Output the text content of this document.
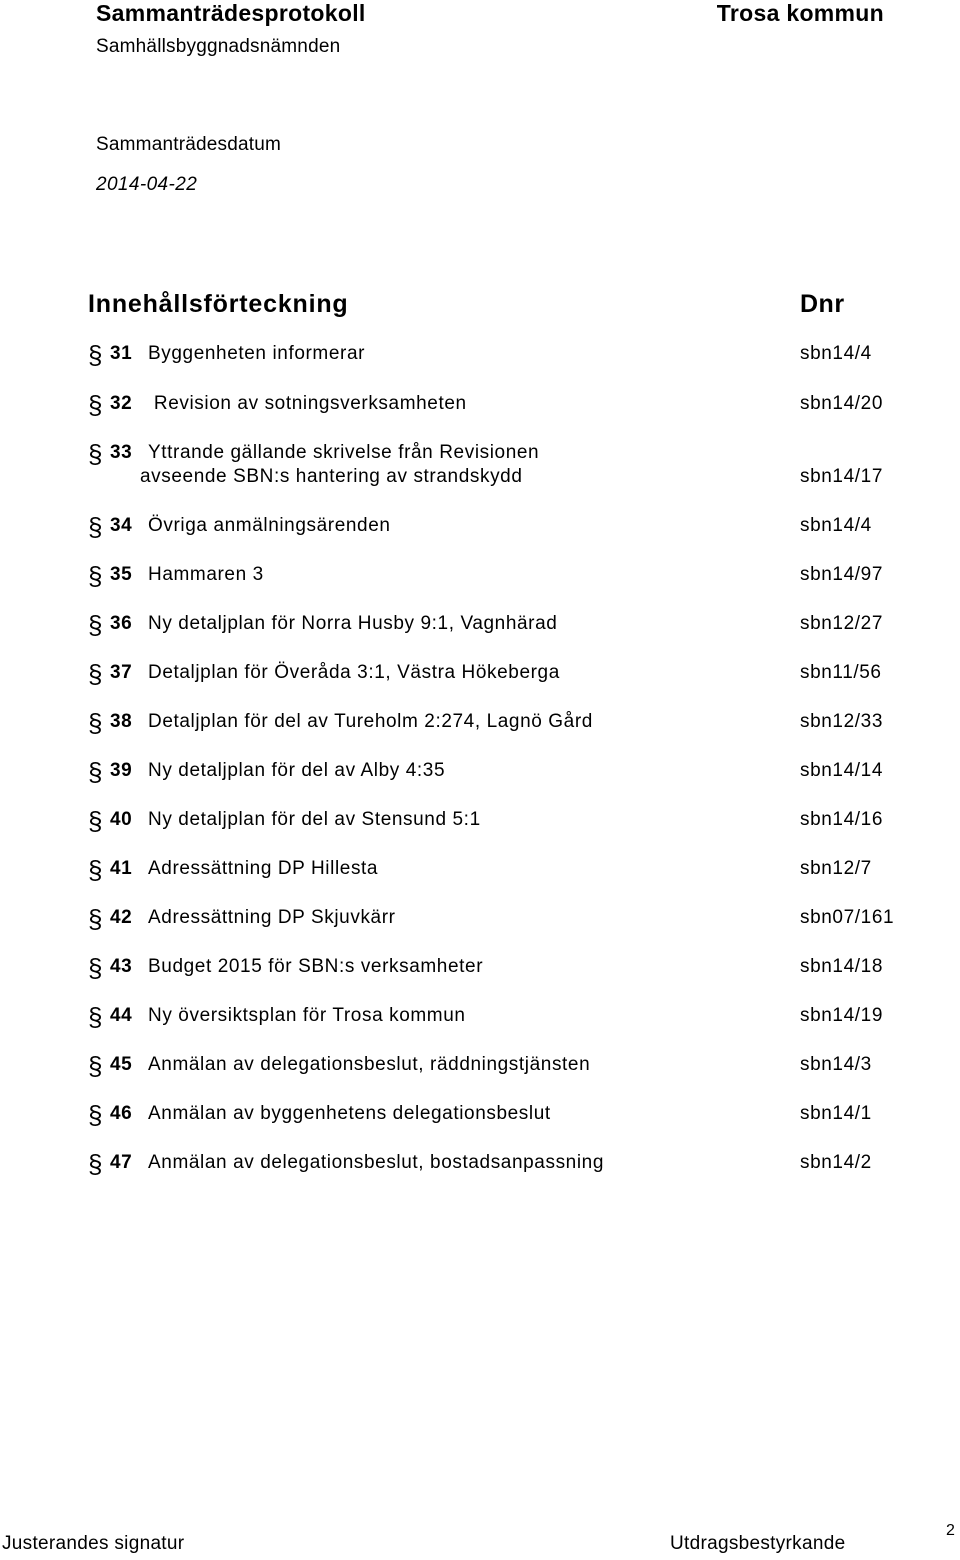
Sammanträdesprotokoll	Trosa kommun
Samhällsbyggnadsnämnden
Sammanträdesdatum
2014-04-22
Innehållsförteckning	Dnr
§ 31 Byggenheten informerar	sbn14/4
§ 32 Revision av sotningsverksamheten	sbn14/20
§ 33 Yttrande gällande skrivelse från Revisionen
avseende SBN:s hantering av strandskydd	sbn14/17
§ 34 Övriga anmälningsärenden	sbn14/4
§ 35 Hammaren 3	sbn14/97
§ 36 Ny detaljplan för Norra Husby 9:1, Vagnhärad	sbn12/27
§ 37 Detaljplan för Överåda 3:1, Västra Hökeberga	sbn11/56
§ 38 Detaljplan för del av Tureholm 2:274, Lagnö Gård	sbn12/33
§ 39 Ny detaljplan för del av Alby 4:35	sbn14/14
§ 40 Ny detaljplan för del av Stensund 5:1	sbn14/16
§ 41 Adressättning DP Hillesta	sbn12/7
§ 42 Adressättning DP Skjuvkärr	sbn07/161
§ 43 Budget 2015 för SBN:s verksamheter	sbn14/18
§ 44 Ny översiktsplan för Trosa kommun	sbn14/19
§ 45 Anmälan av delegationsbeslut, räddningstjänsten	sbn14/3
§ 46 Anmälan av byggenhetens delegationsbeslut	sbn14/1
§ 47 Anmälan av delegationsbeslut, bostadsanpassning	sbn14/2
Justerandes signatur	Utdragsbestyrkande
2
